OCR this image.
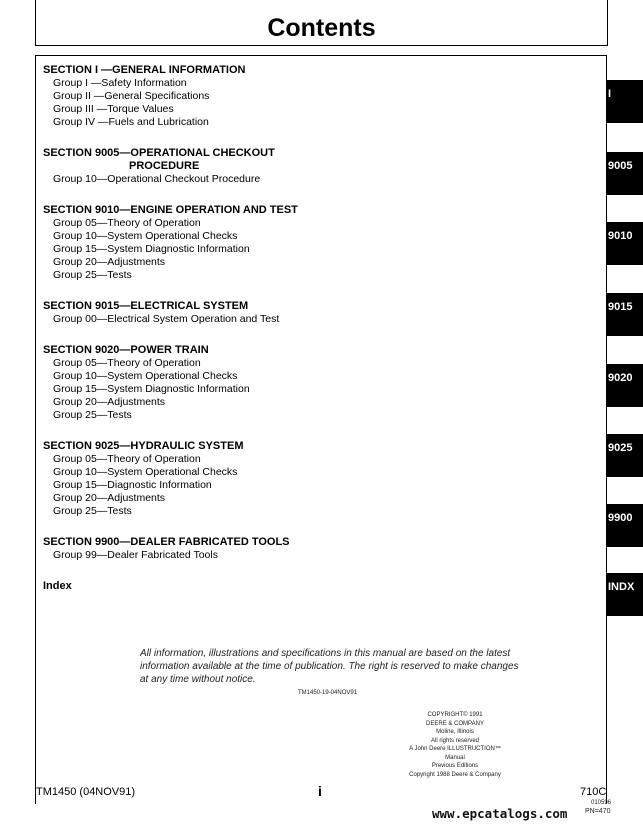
Contents
SECTION I —GENERAL INFORMATION
Group I —Safety Information
Group II —General Specifications
Group III —Torque Values
Group IV —Fuels and Lubrication
SECTION 9005—OPERATIONAL CHECKOUT
PROCEDURE
Group 10—Operational Checkout Procedure
SECTION 9010—ENGINE OPERATION AND TEST
Group 05—Theory of Operation
Group 10—System Operational Checks
Group 15—System Diagnostic Information
Group 20—Adjustments
Group 25—Tests
SECTION 9015—ELECTRICAL SYSTEM
Group 00—Electrical System Operation and Test
SECTION 9020—POWER TRAIN
Group 05—Theory of Operation
Group 10—System Operational Checks
Group 15—System Diagnostic Information
Group 20—Adjustments
Group 25—Tests
SECTION 9025—HYDRAULIC SYSTEM
Group 05—Theory of Operation
Group 10—System Operational Checks
Group 15—Diagnostic Information
Group 20—Adjustments
Group 25—Tests
SECTION 9900—DEALER FABRICATED TOOLS
Group 99—Dealer Fabricated Tools
Index
I
9005
9010
9015
9020
9025
9900
INDX
All information, illustrations and specifications in this manual are based on the latest information available at the time of publication. The right is reserved to make changes at any time without notice.
TM1450-19-04NOV91
COPYRIGHT© 1991
DEERE & COMPANY
Moline, Illinois
All rights reserved
A John Deere ILLUSTRUCTION™ Manual
Previous Editions
Copyright 1988 Deere & Company
TM1450 (04NOV91)	i	710C
010596
PN=470
www.epcatalogs.com
